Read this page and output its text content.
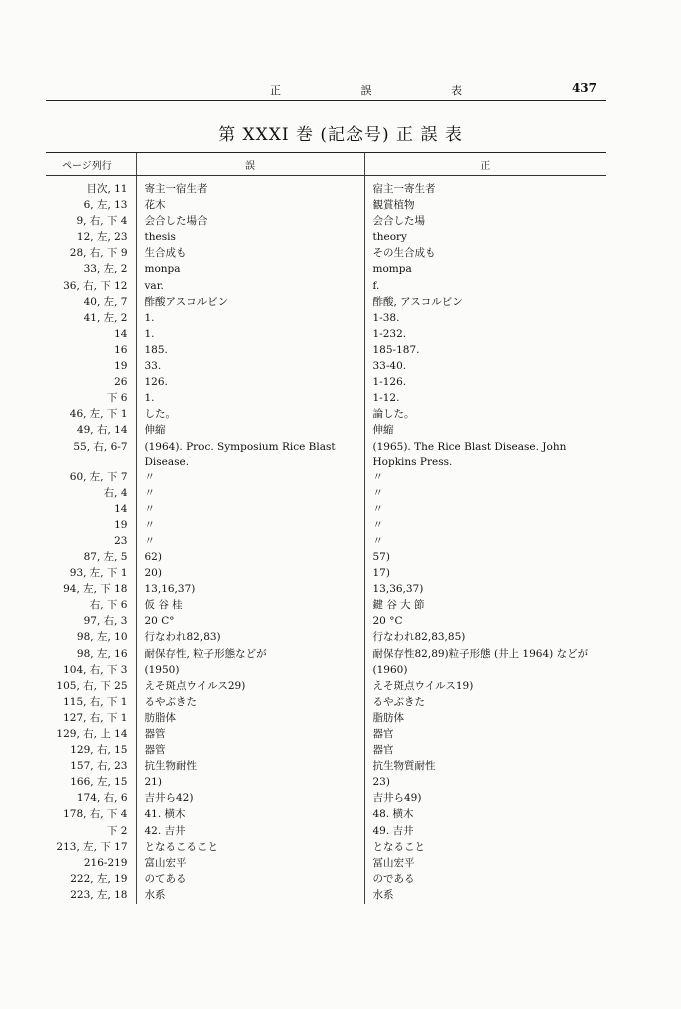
正 誤 表	437
第 XXXI 巻 (記念号) 正 誤 表
ページ列行	誤	正
目次, 11	寄主一宿生者	宿主一寄生者
6, 左, 13	花木	観賞植物
9, 右, 下 4	会合した場合	会合した場
12, 左, 23	thesis	theory
28, 右, 下 9	生合成も	その生合成も
33, 左, 2	monpa	mompa
36, 右, 下 12	var.	f.
40, 左, 7	酢酸アスコルビン	酢酸, アスコルビン
41, 左, 2	1.	1-38.
14	1.	1-232.
16	185.	185-187.
19	33.	33-40.
26	126.	1-126.
下 6	1.	1-12.
46, 左, 下 1	した。	論した。
49, 右, 14	伸縮	伸縮
55, 右, 6-7	(1964). Proc. Symposium Rice Blast Disease.	(1965). The Rice Blast Disease. John Hopkins Press.
60, 左, 下 7	〃	〃
右, 4	〃	〃
14	〃	〃
19	〃	〃
23	〃	〃
87, 左, 5	62)	57)
93, 左, 下 1	20)	17)
94, 左, 下 18	13,16,37)	13,36,37)
右, 下 6	仮 谷 桂	鍵 谷 大 節
97, 右, 3	20 C°	20 °C
98, 左, 10	行なわれ82,83)	行なわれ82,83,85)
98, 左, 16	耐保存性, 粒子形態などが	耐保存性82,89)粒子形態 (井上 1964) などが
104, 右, 下 3	(1950)	(1960)
105, 右, 下 25	えそ斑点ウイルス29)	えそ斑点ウイルス19)
115, 右, 下 1	るやぶきた	るやぶきた
127, 右, 下 1	肪脂体	脂肪体
129, 右, 上 14	器管	器官
129, 右, 15	器管	器官
157, 右, 23	抗生物耐性	抗生物質耐性
166, 左, 15	21)	23)
174, 右, 6	吉井ら42)	吉井ら49)
178, 右, 下 4	41. 横木	48. 横木
下 2	42. 吉井	49. 吉井
213, 左, 下 17	となるこること	となること
216-219	富山宏平	冨山宏平
222, 左, 19	のてある	のである
223, 左, 18	水系	水系
